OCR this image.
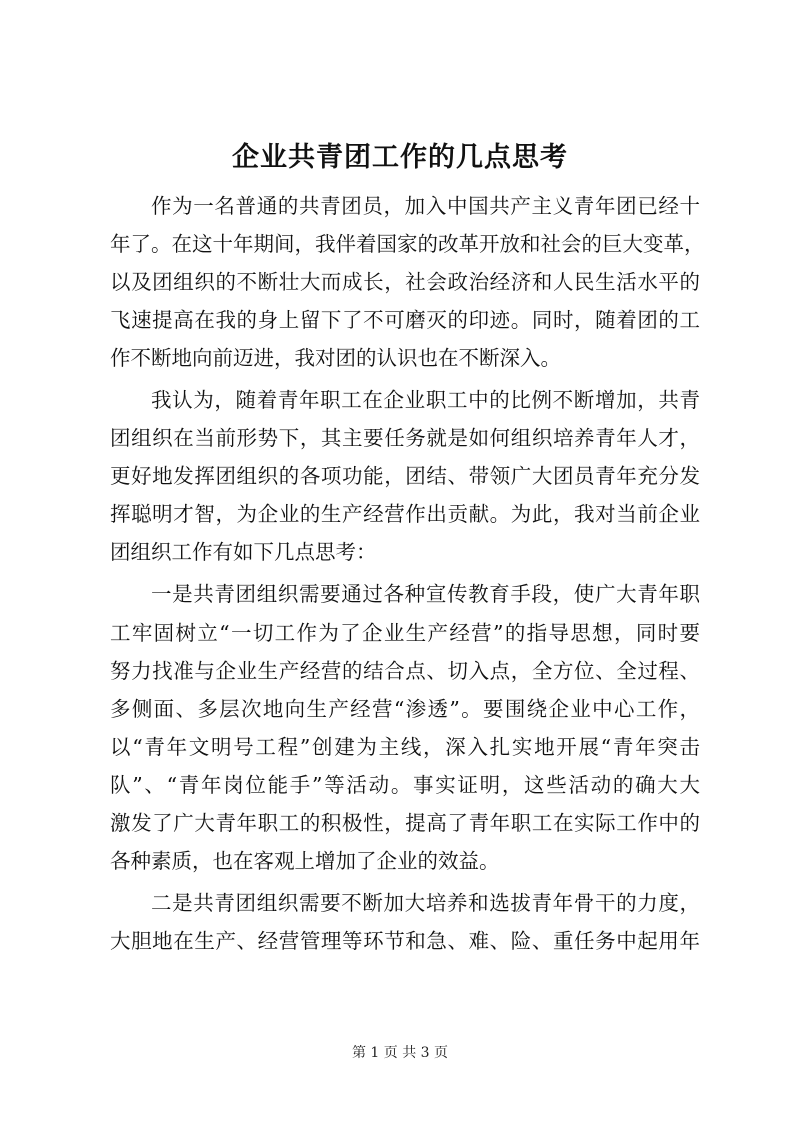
企业共青团工作的几点思考

作为一名普通的共青团员，加入中国共产主义青年团已经十

年了。在这十年期间，我伴着国家的改革开放和社会的巨大变革，

以及团组织的不断壮大而成长，社会政治经济和人民生活水平的

飞速提高在我的身上留下了不可磨灭的印迹。同时，随着团的工

作不断地向前迈进，我对团的认识也在不断深入。

我认为，随着青年职工在企业职工中的比例不断增加，共青

团组织在当前形势下，其主要任务就是如何组织培养青年人才，

更好地发挥团组织的各项功能，团结、带领广大团员青年充分发

挥聪明才智，为企业的生产经营作出贡献。为此，我对当前企业

团组织工作有如下几点思考：

一是共青团组织需要通过各种宣传教育手段，使广大青年职

工牢固树立“一切工作为了企业生产经营”的指导思想，同时要

努力找准与企业生产经营的结合点、切入点，全方位、全过程、

多侧面、多层次地向生产经营“渗透”。要围绕企业中心工作，

以“青年文明号工程”创建为主线，深入扎实地开展“青年突击

队”、“青年岗位能手”等活动。事实证明，这些活动的确大大

激发了广大青年职工的积极性，提高了青年职工在实际工作中的

各种素质，也在客观上增加了企业的效益。

二是共青团组织需要不断加大培养和选拔青年骨干的力度，

大胆地在生产、经营管理等环节和急、难、险、重任务中起用年

第 1 页 共 3 页
